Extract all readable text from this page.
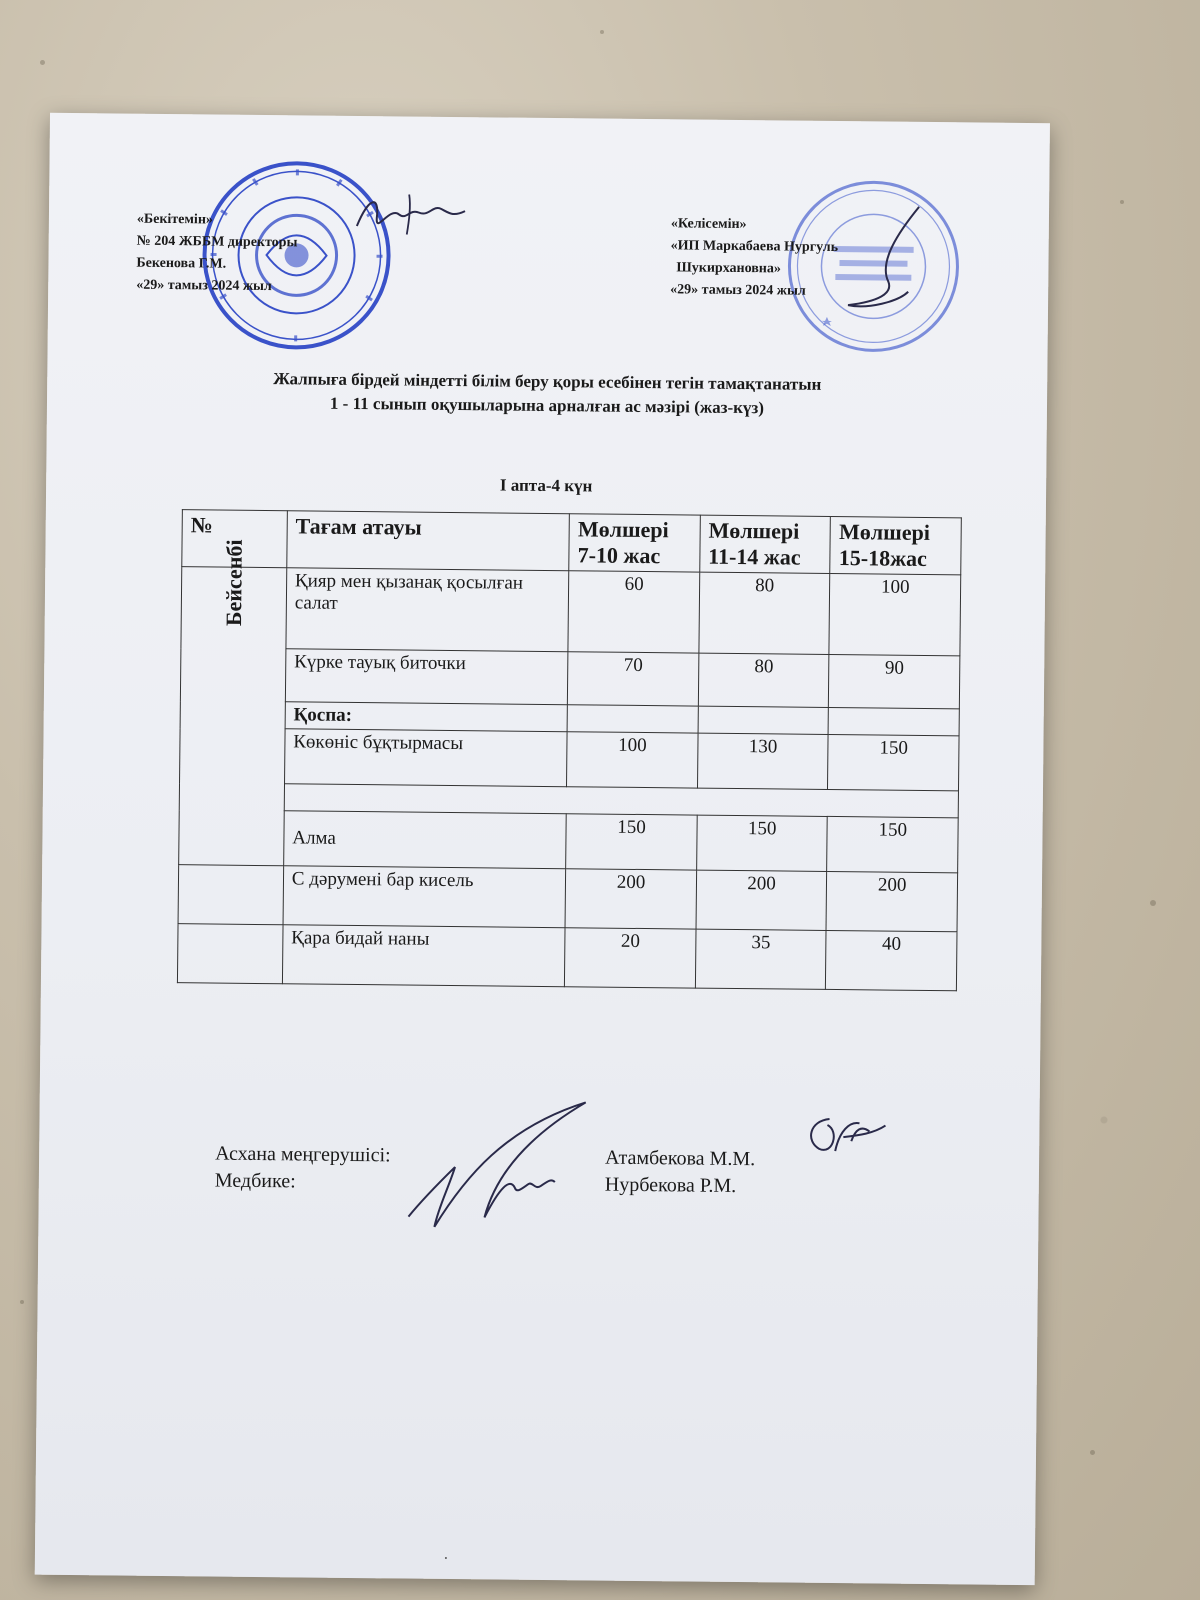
«Бекітемін»
№ 204 ЖББМ директоры
Бекенова Г.М.
«29» тамыз 2024 жыл
«Келісемін»
«ИП Маркабаева Нургуль
Шукирхановна»
«29» тамыз 2024 жыл
Жалпыға бірдей міндетті білім беру қоры есебінен тегін тамақтанатын
1 - 11 сынып оқушыларына арналған ас мәзірі (жаз-күз)
I апта-4 күн
№	Тағам атауы	Мөлшері 7-10 жас	Мөлшері 11-14 жас	Мөлшері 15-18жас
Бейсенбі	Қияр мен қызанақ қосылған салат	60	80	100
	Күрке тауық биточки	70	80	90
	Қоспа:			
	Көкөніс бұқтырмасы	100	130	150

	Алма	150	150	150
	С дәрумені бар кисель	200	200	200
	Қара бидай наны	20	35	40
Асхана меңгерушісі:
Медбике:
Атамбекова М.М.
Нурбекова Р.М.
